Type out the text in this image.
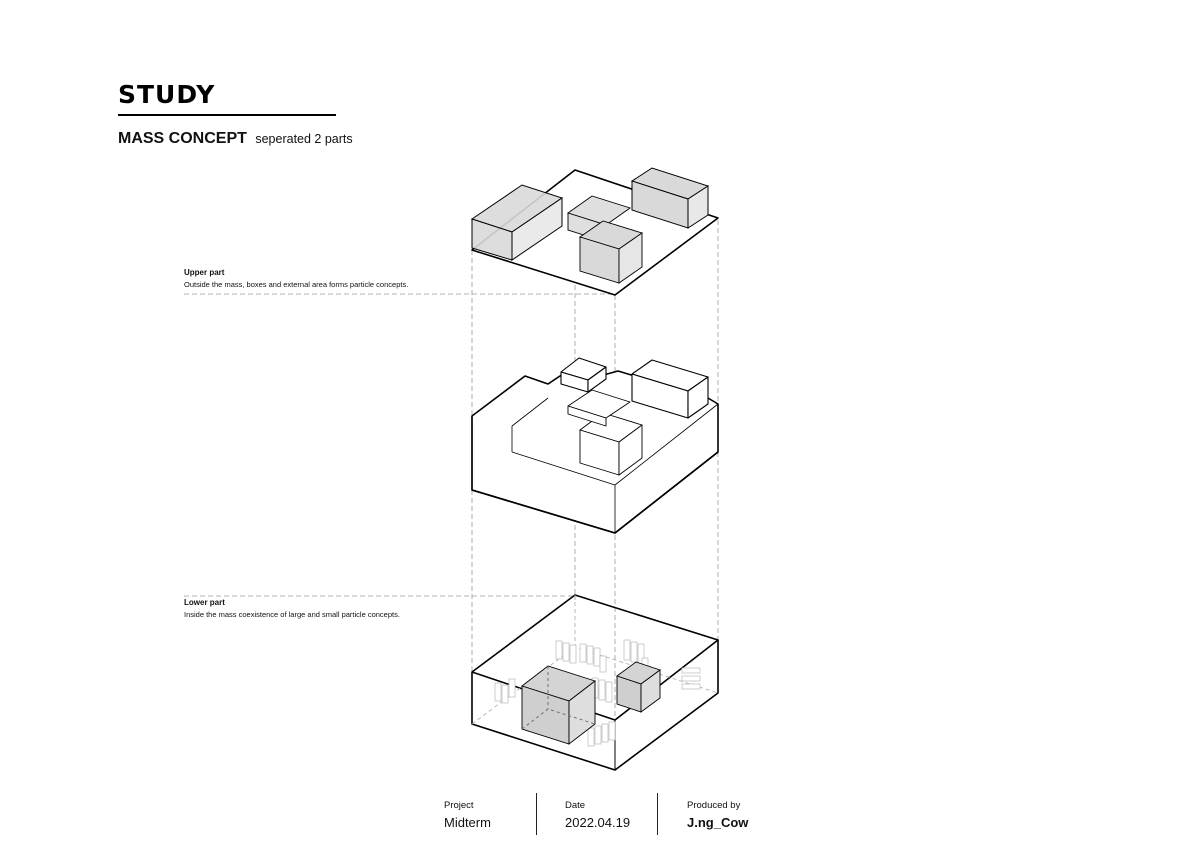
STUDY
MASS CONCEPT seperated 2 parts
Upper part
Outside the mass, boxes and external area forms particle concepts.
Lower part
Inside the mass coexistence of large and small particle concepts.
Project
Midterm
Date
2022.04.19
Produced by
J.ng_Cow
